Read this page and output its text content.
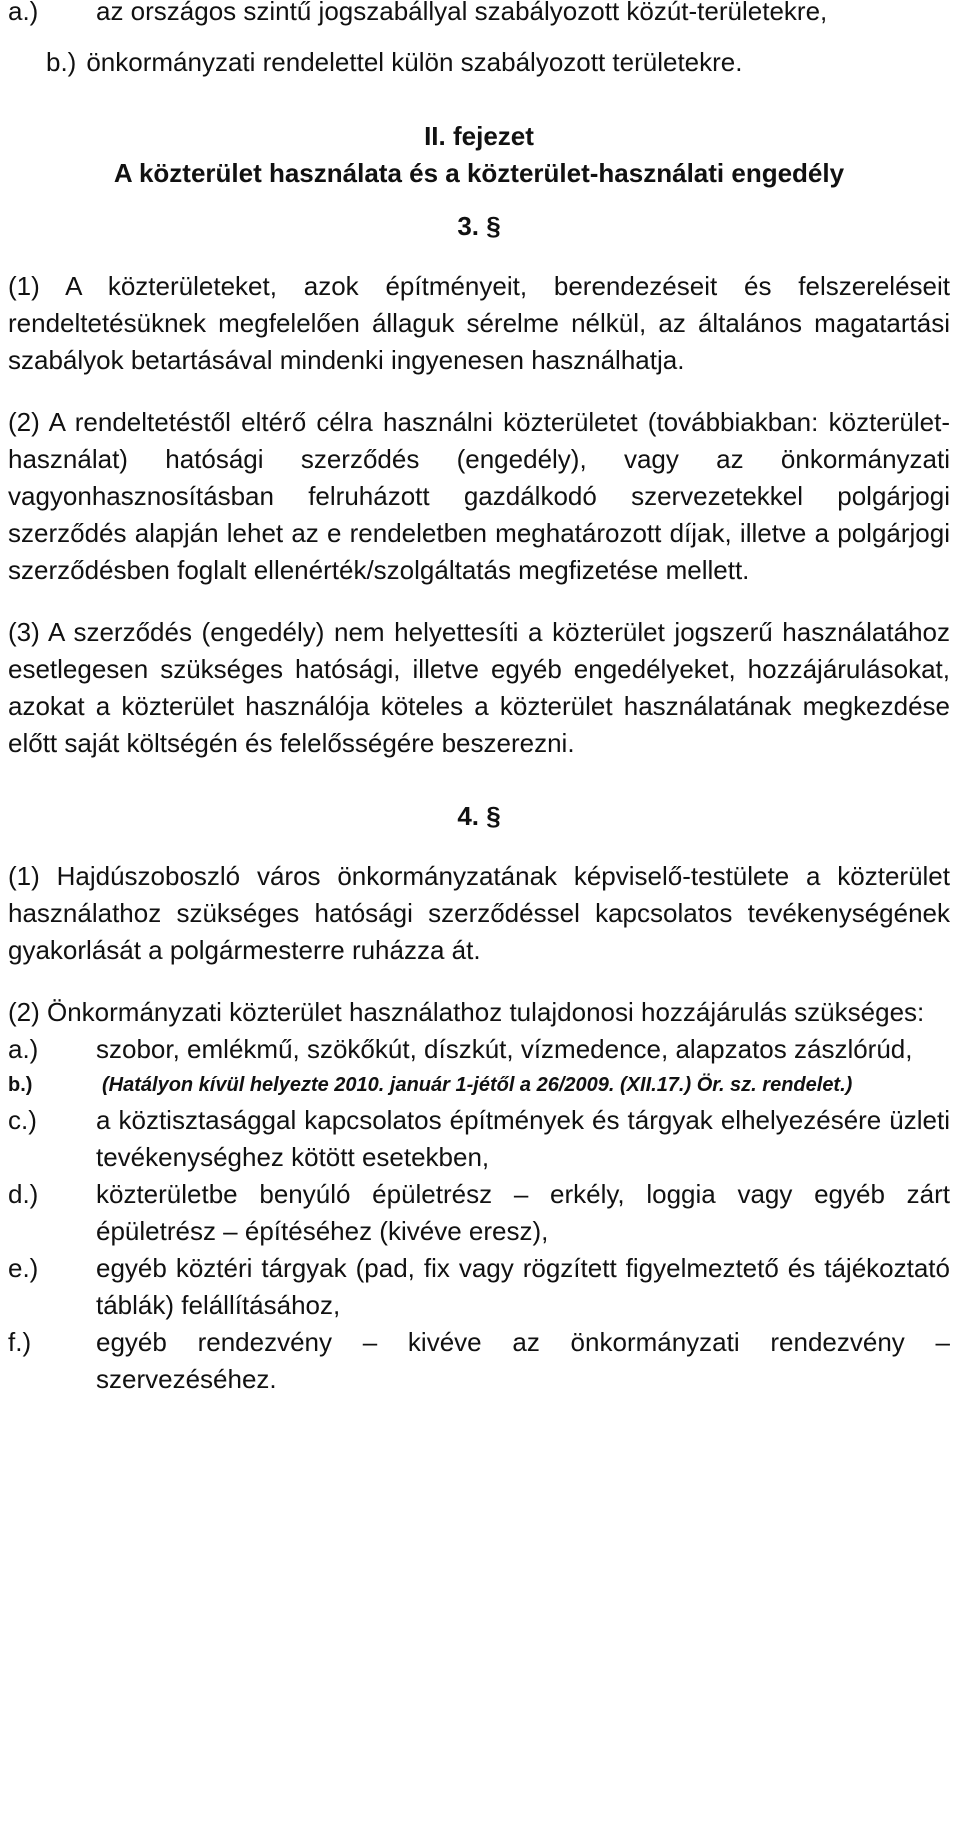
a.)	az országos szintű jogszabállyal szabályozott közút-területekre,
b.) önkormányzati rendelettel külön szabályozott területekre.

II. fejezet

A közterület használata és a közterület-használati engedély

3. §

(1) A közterületeket, azok építményeit, berendezéseit és felszereléseit rendeltetésüknek megfelelően állaguk sérelme nélkül, az általános magatartási szabályok betartásával mindenki ingyenesen használhatja.

(2) A rendeltetéstől eltérő célra használni közterületet (továbbiakban: közterület-használat) hatósági szerződés (engedély), vagy az önkormányzati vagyonhasznosításban felruházott gazdálkodó szervezetekkel polgárjogi szerződés alapján lehet az e rendeletben meghatározott díjak, illetve a polgárjogi szerződésben foglalt ellenérték/szolgáltatás megfizetése mellett.

(3) A szerződés (engedély) nem helyettesíti a közterület jogszerű használatához esetlegesen szükséges hatósági, illetve egyéb engedélyeket, hozzájárulásokat, azokat a közterület használója köteles a közterület használatának megkezdése előtt saját költségén és felelősségére beszerezni.

4. §

(1) Hajdúszoboszló város önkormányzatának képviselő-testülete a közterület használathoz szükséges hatósági szerződéssel kapcsolatos tevékenységének gyakorlását a polgármesterre ruházza át.

(2) Önkormányzati közterület használathoz tulajdonosi hozzájárulás szükséges:

a.)	szobor, emlékmű, szökőkút, díszkút, vízmedence, alapzatos zászlórúd,
b.)	(Hatályon kívül helyezte 2010. január 1-jétől a 26/2009. (XII.17.) Ör. sz. rendelet.)
c.)	a köztisztasággal kapcsolatos építmények és tárgyak elhelyezésére üzleti tevékenységhez kötött esetekben,
d.)	közterületbe benyúló épületrész – erkély, loggia vagy egyéb zárt épületrész – építéséhez (kivéve eresz),
e.)	egyéb köztéri tárgyak (pad, fix vagy rögzített figyelmeztető és tájékoztató táblák) felállításához,
f.)	egyéb rendezvény – kivéve az önkormányzati rendezvény – szervezéséhez.
